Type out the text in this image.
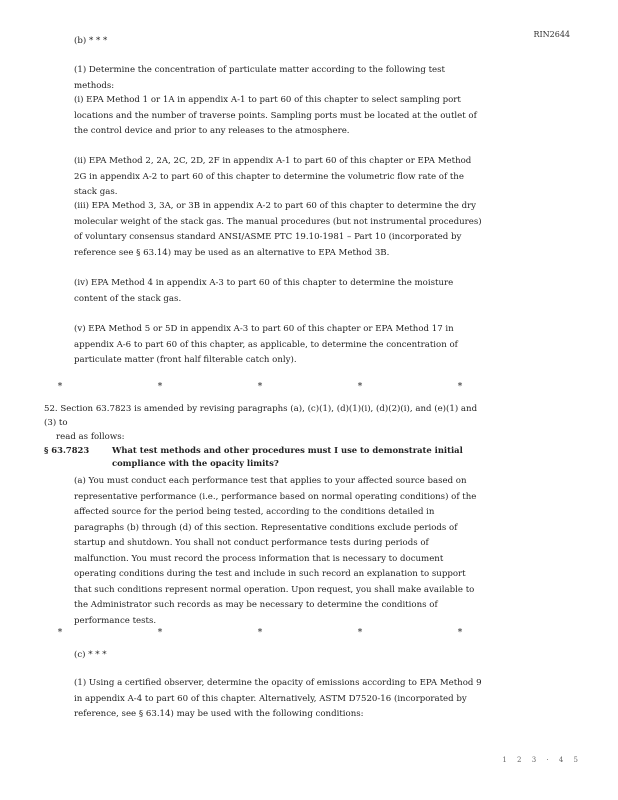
RIN2644

(b) * * *

(1) Determine the concentration of particulate matter according to the following test methods:

(i) EPA Method 1 or 1A in appendix A-1 to part 60 of this chapter to select sampling port locations and the number of traverse points. Sampling ports must be located at the outlet of the control device and prior to any releases to the atmosphere.

(ii) EPA Method 2, 2A, 2C, 2D, 2F in appendix A-1 to part 60 of this chapter or EPA Method 2G in appendix A-2 to part 60 of this chapter to determine the volumetric flow rate of the stack gas.

(iii) EPA Method 3, 3A, or 3B in appendix A-2 to part 60 of this chapter to determine the dry molecular weight of the stack gas. The manual procedures (but not instrumental procedures) of voluntary consensus standard ANSI/ASME PTC 19.10-1981 – Part 10 (incorporated by reference see § 63.14) may be used as an alternative to EPA Method 3B.

(iv) EPA Method 4 in appendix A-3 to part 60 of this chapter to determine the moisture content of the stack gas.

(v) EPA Method 5 or 5D in appendix A-3 to part 60 of this chapter or EPA Method 17 in appendix A-6 to part 60 of this chapter, as applicable, to determine the concentration of particulate matter (front half filterable catch only).

*	*	*	*	*

52. Section 63.7823 is amended by revising paragraphs (a), (c)(1), (d)(1)(i), (d)(2)(i), and (e)(1) and (3) to
read as follows:

§ 63.7823	What test methods and other procedures must I use to demonstrate initial compliance with the opacity limits?

(a) You must conduct each performance test that applies to your affected source based on representative performance (i.e., performance based on normal operating conditions) of the affected source for the period being tested, according to the conditions detailed in paragraphs (b) through (d) of this section. Representative conditions exclude periods of startup and shutdown. You shall not conduct performance tests during periods of malfunction. You must record the process information that is necessary to document operating conditions during the test and include in such record an explanation to support that such conditions represent normal operation. Upon request, you shall make available to the Administrator such records as may be necessary to determine the conditions of performance tests.

*	*	*	*	*

(c) * * *

(1) Using a certified observer, determine the opacity of emissions according to EPA Method 9 in appendix A-4 to part 60 of this chapter. Alternatively, ASTM D7520-16 (incorporated by reference, see § 63.14) may be used with the following conditions:

1 2 3 · 4 5
